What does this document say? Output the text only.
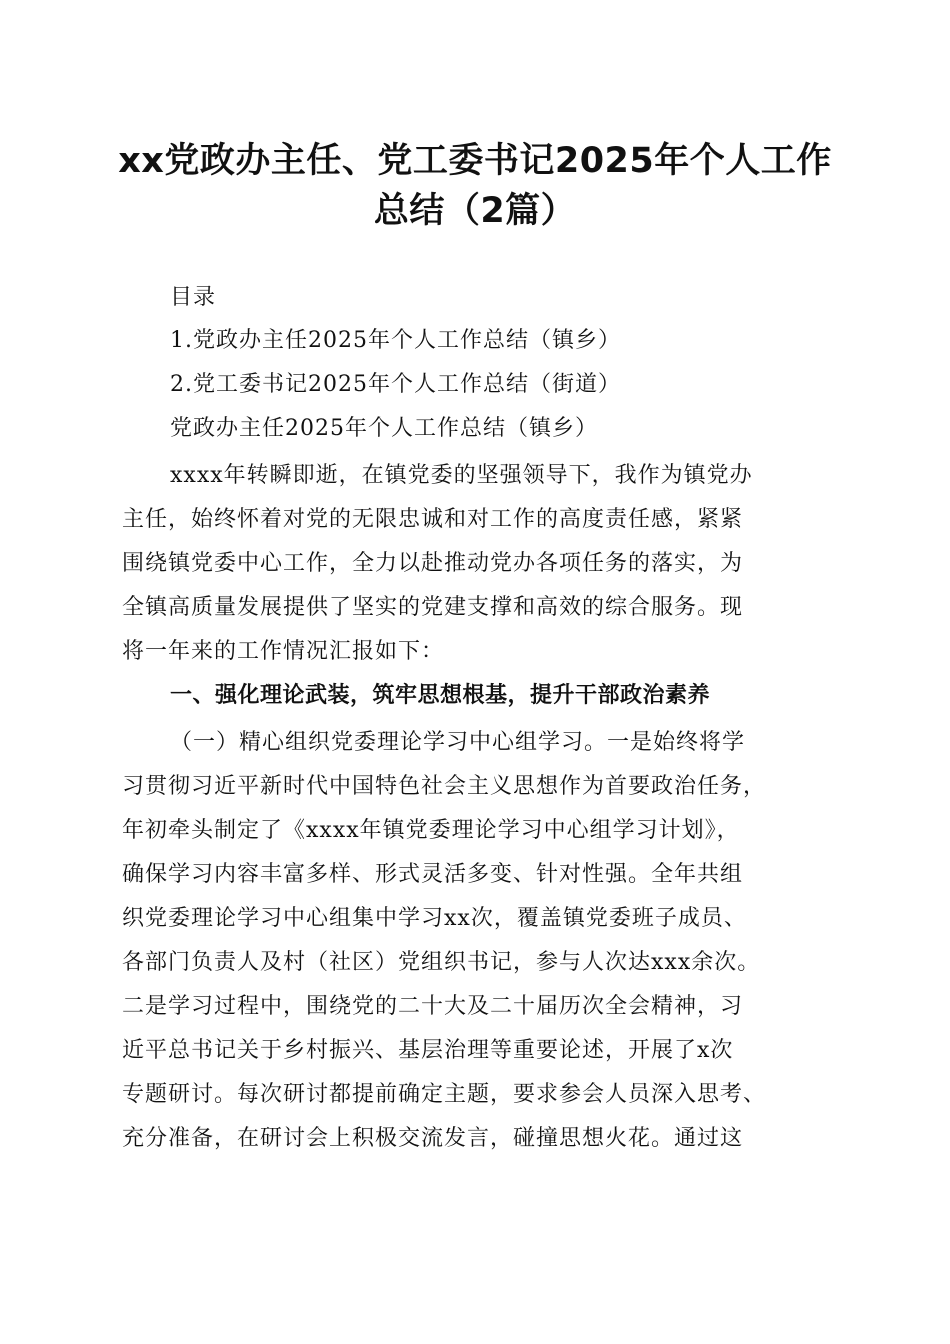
xx党政办主任、党工委书记2025年个人工作
总结（2篇）
目录
1.党政办主任2025年个人工作总结（镇乡）
2.党工委书记2025年个人工作总结（街道）
党政办主任2025年个人工作总结（镇乡）
xxxx年转瞬即逝，在镇党委的坚强领导下，我作为镇党办
主任，始终怀着对党的无限忠诚和对工作的高度责任感，紧紧
围绕镇党委中心工作，全力以赴推动党办各项任务的落实，为
全镇高质量发展提供了坚实的党建支撑和高效的综合服务。现
将一年来的工作情况汇报如下：
一、强化理论武装，筑牢思想根基，提升干部政治素养
（一）精心组织党委理论学习中心组学习。一是始终将学
习贯彻习近平新时代中国特色社会主义思想作为首要政治任务，
年初牵头制定了《xxxx年镇党委理论学习中心组学习计划》，
确保学习内容丰富多样、形式灵活多变、针对性强。全年共组
织党委理论学习中心组集中学习xx次，覆盖镇党委班子成员、
各部门负责人及村（社区）党组织书记，参与人次达xxx余次。
二是学习过程中，围绕党的二十大及二十届历次全会精神，习
近平总书记关于乡村振兴、基层治理等重要论述，开展了x次
专题研讨。每次研讨都提前确定主题，要求参会人员深入思考、
充分准备，在研讨会上积极交流发言，碰撞思想火花。通过这
